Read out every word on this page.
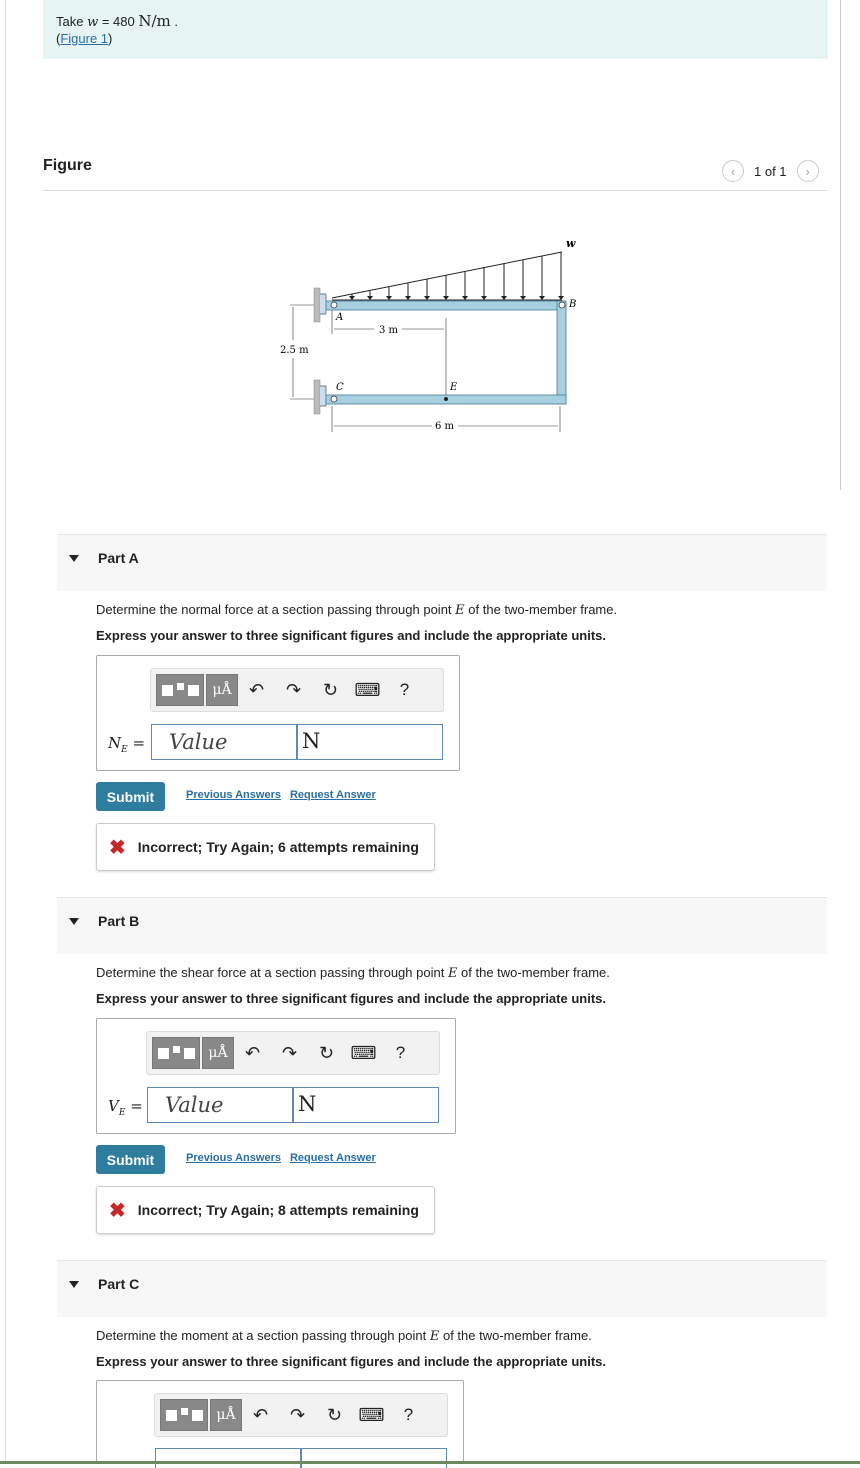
Take w = 480 N/m .
(Figure 1)
Figure	‹	1 of 1	›
w
A
B
C	E
3 m
2.5 m
6 m
Part A
Determine the normal force at a section passing through point E of the two-member frame.
Express your answer to three significant figures and include the appropriate units.
μÅ ↶	↷	↻ ⌨	?
$N_E$ =	Value	N
Submit	Previous Answers Request Answer
✖ Incorrect; Try Again; 6 attempts remaining
Part B
Determine the shear force at a section passing through point E of the two-member frame.
Express your answer to three significant figures and include the appropriate units.
μÅ ↶	↷	↻ ⌨	?
$V_E$ =	Value	N
Submit	Previous Answers Request Answer
✖ Incorrect; Try Again; 8 attempts remaining
Part C
Determine the moment at a section passing through point E of the two-member frame.
Express your answer to three significant figures and include the appropriate units.
μÅ ↶	↷	↻ ⌨	?
